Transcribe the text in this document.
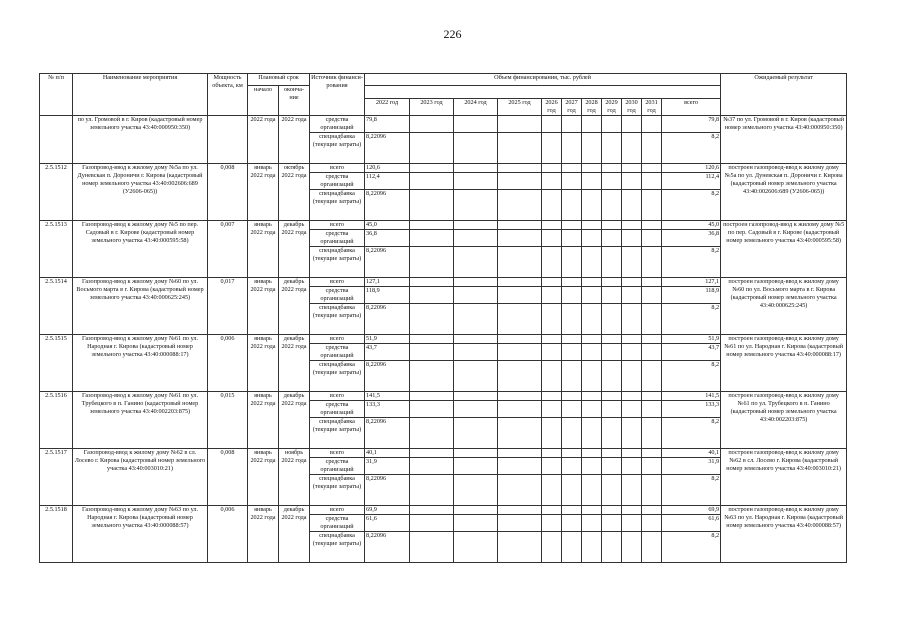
226
№ п/п	Наименование мероприятия	Мощность объекта, км	Плановый срок		Источник финанси-рования	Объем финансирования, тыс. рублей											Ожидаемый результат
			начало	оконча-ние													
						2022 год	2023 год	2024 год	2025 год	2026 год	2027 год	2028 год	2029 год	2030 год	2031 год	всего	
	по ул. Громовой в г. Киров (кадастровый номер земельного участка 43:40:000950:350)		2022 года	2022 года	средства организаций	79,8										79,8	№37 по ул. Громовой в г. Киров (кадастровый номер земельного участка 43:40:000950:350)
					спецнадбавка (текущие затраты)	8,22096										8,2	
2.5.1512	Газопровод-ввод к жилому дому №5а по ул. Дуневская п. Дороничи г. Кирова (кадастровый номер земельного участка 43:40:002606:689 (У2606-065))	0,008	январь 2022 года	октябрь 2022 года	всего	120,6										120,6	построен газопровод-ввод к жилому дому №5а по ул. Дуневская п. Дороничи г. Кирова (кадастровый номер земельного участка 43:40:002606:689 (У2606-065))
					средства организаций	112,4										112,4	
					спецнадбавка (текущие затраты)	8,22096										8,2	
2.5.1513	Газопровод-ввод к жилому дому №5 по пер. Садовый в г. Кирове (кадастровый номер земельного участка 43:40:000595:58)	0,007	январь 2022 года	декабрь 2022 года	всего	45,0										45,0	построен газопровод-ввод к жилому дому №5 по пер. Садовый в г. Кирове (кадастровый номер земельного участка 43:40:000595:58)
					средства организаций	36,8										36,8	
					спецнадбавка (текущие затраты)	8,22096										8,2	
2.5.1514	Газопровод-ввод к жилому дому №60 по ул. Восьмого марта в г. Кирова (кадастровый номер земельного участка 43:40:000625:245)	0,017	январь 2022 года	декабрь 2022 года	всего	127,1										127,1	построен газопровод-ввод к жилому дому №60 по ул. Восьмого марта в г. Кирова (кадастровый номер земельного участка 43:40:000625:245)
					средства организаций	118,9										118,9	
					спецнадбавка (текущие затраты)	8,22096										8,2	
2.5.1515	Газопровод-ввод к жилому дому №61 по ул. Народная г. Кирова (кадастровый номер земельного участка 43:40:000088:17)	0,006	январь 2022 года	декабрь 2022 года	всего	51,9										51,9	построен газопровод-ввод к жилому дому №61 по ул. Народная г. Кирова (кадастровый номер земельного участка 43:40:000088:17)
					средства организаций	43,7										43,7	
					спецнадбавка (текущие затраты)	8,22096										8,2	
2.5.1516	Газопровод-ввод к жилому дому №61 по ул. Трубецкого в п. Ганино (кадастровый номер земельного участка 43:40:002203:875)	0,015	январь 2022 года	декабрь 2022 года	всего	141,5										141,5	построен газопровод-ввод к жилому дому №61 по ул. Трубецкого в п. Ганино (кадастровый номер земельного участка 43:40:002203:875)
					средства организаций	133,3										133,3	
					спецнадбавка (текущие затраты)	8,22096										8,2	
2.5.1517	Газопровод-ввод к жилому дому №62 в сл. Лосево г. Кирова (кадастровый номер земельного участка 43:40:003010:21)	0,008	январь 2022 года	ноябрь 2022 года	всего	40,1										40,1	построен газопровод-ввод к жилому дому №62 в сл. Лосево г. Кирова (кадастровый номер земельного участка 43:40:003010:21)
					средства организаций	31,9										31,9	
					спецнадбавка (текущие затраты)	8,22096										8,2	
2.5.1518	Газопровод-ввод к жилому дому №63 по ул. Народная г. Кирова (кадастровый номер земельного участка 43:40:000088:57)	0,006	январь 2022 года	декабрь 2022 года	всего	69,9										69,9	построен газопровод-ввод к жилому дому №63 по ул. Народная г. Кирова (кадастровый номер земельного участка 43:40:000088:57)
					средства организаций	61,6										61,6	
					спецнадбавка (текущие затраты)	8,22096										8,2	
